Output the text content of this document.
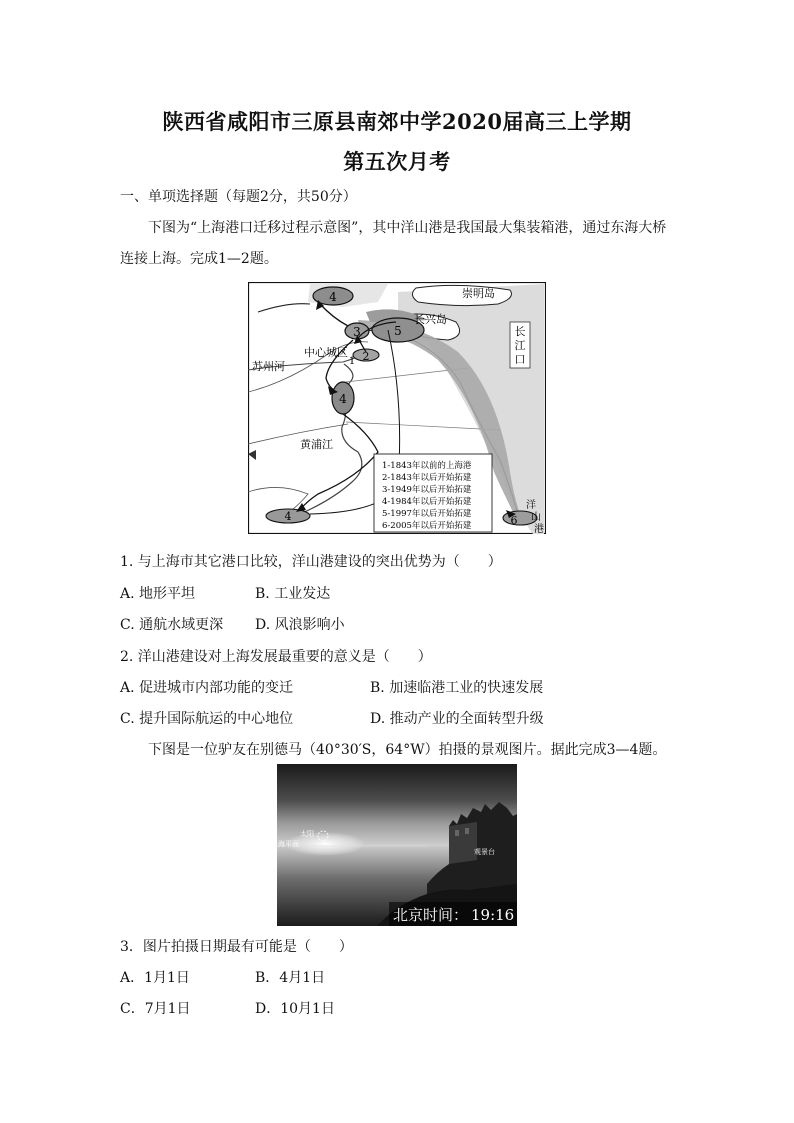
陕西省咸阳市三原县南郊中学2020届高三上学期
第五次月考
一、单项选择题（每题2分，共50分）
下图为“上海港口迁移过程示意图”，其中洋山港是我国最大集装箱港，通过东海大桥
连接上海。完成1—2题。
4
3	5
2
1
4
4	6
崇明岛
长兴岛
中心城区
苏州河
黄浦江
长
江
口
洋
山
港
1-1843年以前的上海港
2-1843年以后开始拓建
3-1949年以后开始拓建
4-1984年以后开始拓建
5-1997年以后开始拓建
6-2005年以后开始拓建
1. 与上海市其它港口比较，洋山港建设的突出优势为（　　）
A. 地形平坦	B. 工业发达
C. 通航水域更深 D. 风浪影响小
2. 洋山港建设对上海发展最重要的意义是（　　）
A. 促进城市内部功能的变迁	B. 加速临港工业的快速发展
C. 提升国际航运的中心地位	D. 推动产业的全面转型升级
下图是一位驴友在别德马（40°30′S，64°W）拍摄的景观图片。据此完成3—4题。
太阳
海平面
观景台
北京时间： 19:16
3．图片拍摄日期最有可能是（　　）
A．1月1日	B．4月1日
C．7月1日	D．10月1日
